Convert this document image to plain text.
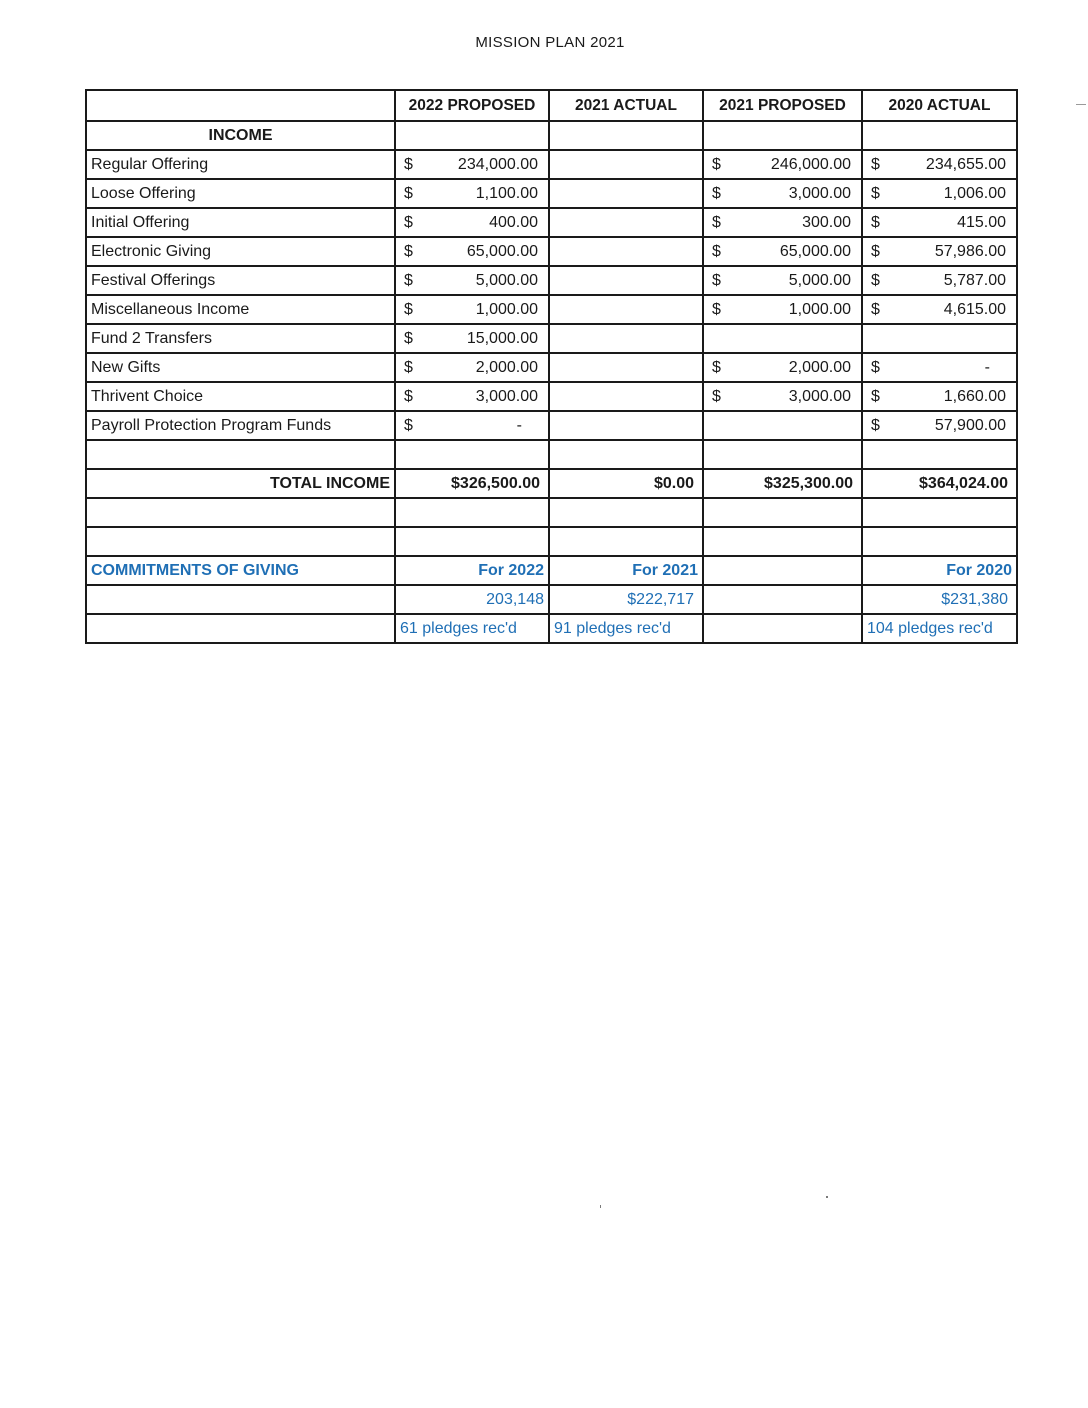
MISSION PLAN 2021
	2022 PROPOSED	2021 ACTUAL	2021 PROPOSED	2020 ACTUAL
INCOME				
Regular Offering	$ 234,000.00		$ 246,000.00	$ 234,655.00

Loose Offering	$ 1,100.00		$ 3,000.00	$ 1,006.00

Initial Offering	$ 400.00		$ 300.00	$ 415.00

Electronic Giving	$ 65,000.00		$ 65,000.00	$ 57,986.00

Festival Offerings	$ 5,000.00		$ 5,000.00	$ 5,787.00

Miscellaneous Income	$ 1,000.00		$ 1,000.00	$ 4,615.00

Fund 2 Transfers	$ 15,000.00			

New Gifts	$ 2,000.00		$ 2,000.00	$ -

Thrivent Choice	$ 3,000.00		$ 3,000.00	$ 1,660.00

Payroll Protection Program Funds	$ -			$ 57,900.00

TOTAL INCOME	$326,500.00	$0.00	$325,300.00	$364,024.00

COMMITMENTS OF GIVING	For 2022	For 2021		For 2020
	203,148	$222,717		$231,380
	61 pledges rec'd	91 pledges rec'd		104 pledges rec'd
